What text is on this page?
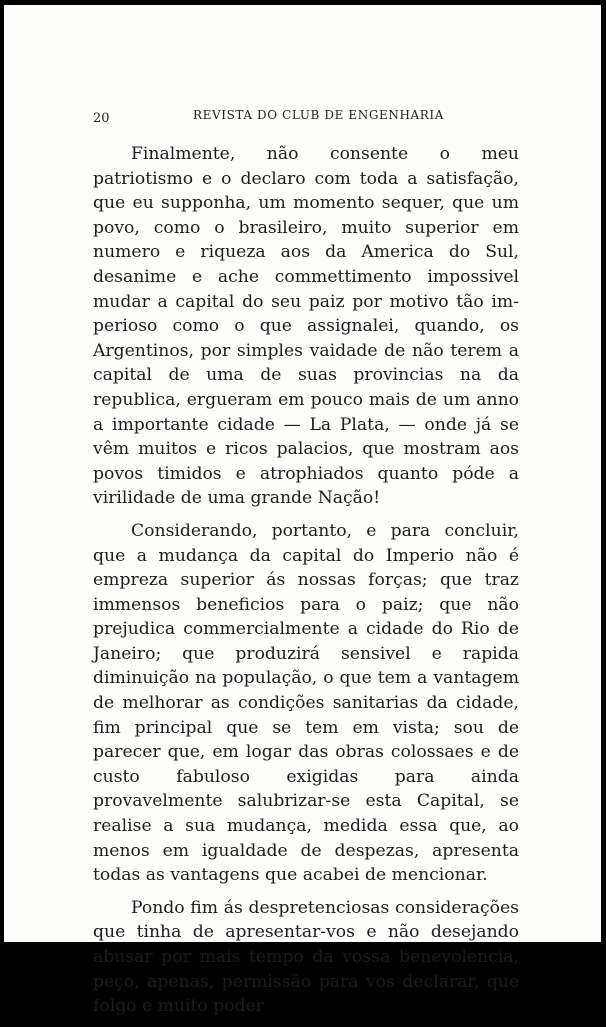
20	REVISTA DO CLUB DE ENGENHARIA

Finalmente, não consente o meu patriotismo e o declaro com toda a satisfação, que eu supponha, um momento sequer, que um povo, como o brasileiro, muito superior em numero e riqueza aos da America do Sul, desanime e ache commettimento impossivel mudar a capital do seu paiz por motivo tão imperioso como o que assignalei, quando, os Argentinos, por simples vaidade de não terem a capital de uma de suas provincias na da republica, ergueram em pouco mais de um anno a importante cidade — La Plata, — onde já se vêm muitos e ricos palacios, que mostram aos povos timidos e atrophiados quanto póde a virilidade de uma grande Nação!

Considerando, portanto, e para concluir, que a mudança da capital do Imperio não é empreza superior ás nossas forças; que traz immensos beneficios para o paiz; que não prejudica commercialmente a cidade do Rio de Janeiro; que produzirá sensivel e rapida diminuição na população, o que tem a vantagem de melhorar as condições sanitarias da cidade, fim principal que se tem em vista; sou de parecer que, em logar das obras colossaes e de custo fabuloso exigidas para ainda provavelmente salubrizar-se esta Capital, se realise a sua mudança, medida essa que, ao menos em igualdade de despezas, apresenta todas as vantagens que acabei de mencionar.

Pondo fim ás despretenciosas considerações que tinha de apresentar-vos e não desejando abusar por mais tempo da vossa benevolencia, peço, apenas, permissão para vos declarar, que folgo e muito poder
